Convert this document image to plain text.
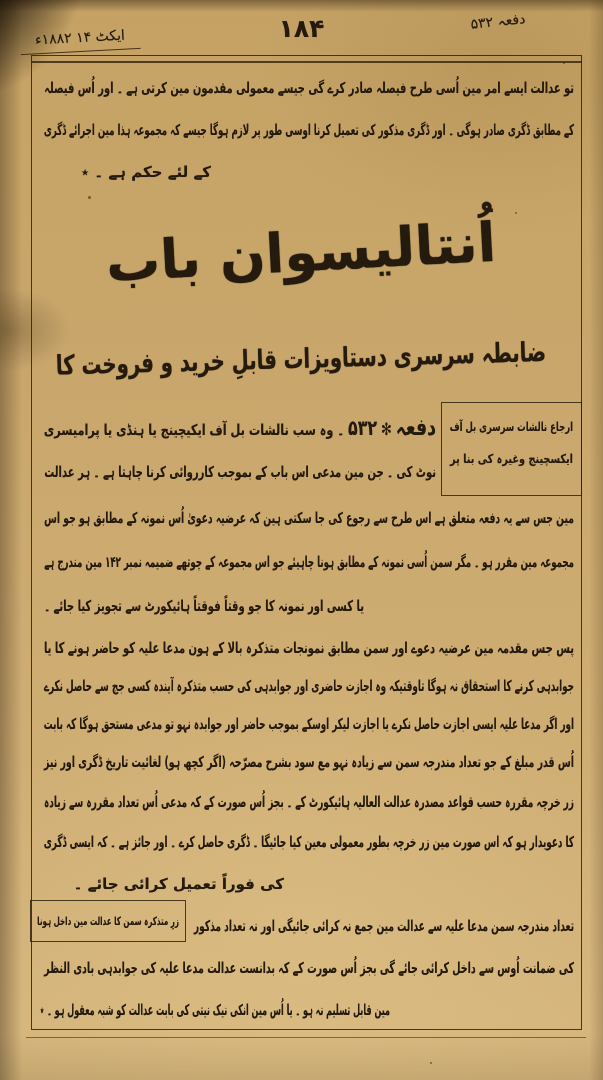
ایکٹ ۱۴ ۱۸۸۲ء	۱۸۴	دفعہ ۵۳۲
تو عدالت ایسے امر مین اُسی طرح فیصلہ صادر کرے گی جیسے معمولی مقدمون مین کرتی ہے ۔ اور اُس فیصلہ
کے مطابق ڈگری صادر ہوگی ۔ اور ڈگری مذکور کی تعمیل کرنا اوسی طور پر لازم ہوگا جیسے کہ مجموعہ ہذا مین اجرائے ڈگری
کے لئے حکم ہے ۔ ٭
اُنتالیسوان باب
ضابطہ سرسری دستاویزات قابلِ خرید و فروخت کا
ارجاع نالشات سرسری بل آف
ایکسچینج وغیرہ کی بنا پر
دفعہ ✻ ۵۳۲ ۔ وہ سب نالشات بل آف ایکیچینج یا ہنڈی یا پرامیسری
نوٹ کی ۔ جن مین مدعی اس باب کے بموجب کارروائی کرنا چاہتا ہے ۔ ہر عدالت
مین جس سے یہ دفعہ متعلق ہے اس طرح سے رجوع کی جا سکتی ہین کہ عرضیہ دعویٰ اُس نمونہ کے مطابق ہو جو اس
مجموعہ مین مقرر ہو ۔ مگر سمن اُسی نمونہ کے مطابق ہونا چاہیئے جو اس مجموعہ کے چوتھے ضمیمہ نمبر ۱۴۲ مین مندرج ہے
یا کسی اور نمونہ کا جو وقتاً فوقتاً ہائیکورٹ سے تجویز کیا جائے ۔
پس جس مقدمہ مین عرضیہ دعوے اور سمن مطابق نمونجات متذکرہ بالا کے ہون مدعا علیہ کو حاضر ہونے کا یا
جوابدہی کرنے کا استحقاق نہ ہوگا تاوقتیکہ وہ اجازت حاضری اور جوابدہی کی حسب متذکرہ آیندہ کسی جج سے حاصل نکرے
اور اگر مدعا علیہ ایسی اجازت حاصل نکرے یا اجازت لیکر اوسکے بموجب حاضر اور جوابدہ نہو تو مدعی مستحق ہوگا کہ بابت
اُس قدر مبلغ کے جو تعداد مندرجہ سمن سے زیادہ نہو مع سود بشرح مصرّحہ (اگر کچھ ہو) لغائیت تاریخ ڈگری اور نیز
زر خرچہ مقررہ حسب قواعد مصدرہ عدالت العالیہ ہائیکورٹ کے ۔ بجز اُس صورت کے کہ مدعی اُس تعداد مقررہ سے زیادہ
کا دعویدار ہو کہ اس صورت مین زر خرچہ بطور معمولی معین کیا جائیگا ۔ ڈگری حاصل کرے ۔ اور جائز ہے ۔ کہ ایسی ڈگری
کی فوراً تعمیل کرائی جائے ۔
زرِ متذکرہ سمن کا عدالت مین داخل ہونا تعداد مندرجہ سمن مدعا علیہ سے عدالت مین جمع نہ کرائی جائیگی اور نہ تعداد مذکور
کی ضمانت اُوس سے داخل کرائی جائے گی بجز اُس صورت کے کہ بدانست عدالت مدعا علیہ کی جوابدہی بادی النظر
مین قابل تسلیم نہ ہو ۔ یا اُس مین انکی نیک نیتی کی بابت عدالت کو شبہ معقول ہو ۔ ٭
